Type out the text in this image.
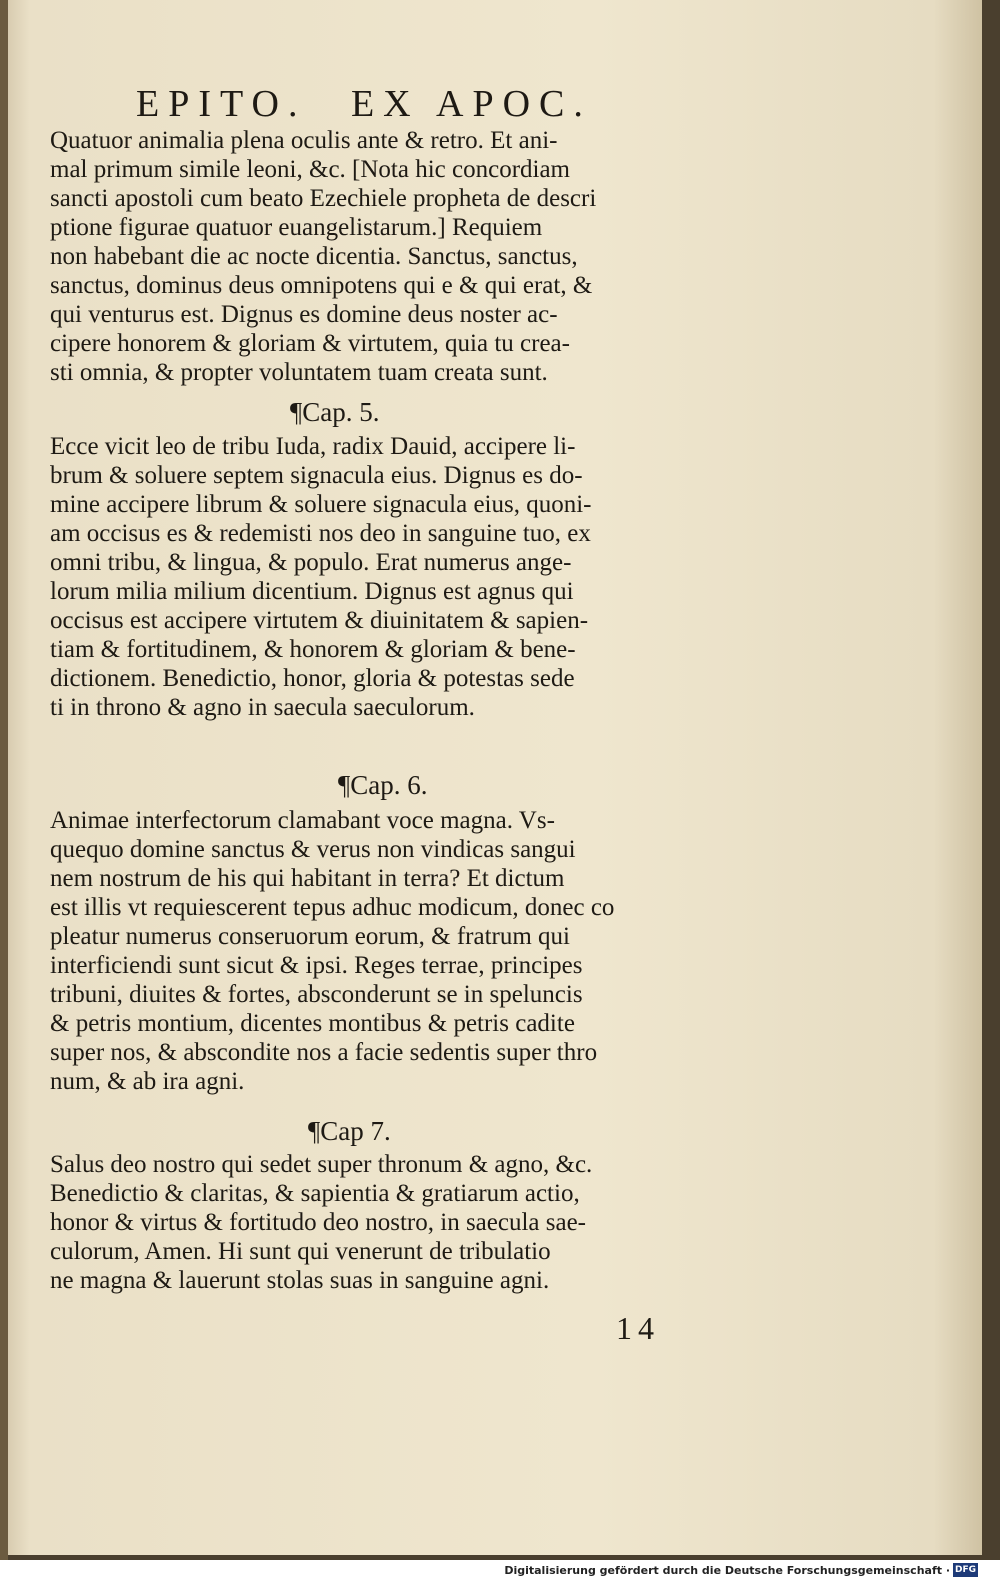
EPITO. EX APOC.
Quatuor animalia plena oculis ante & retro. Et ani-
mal primum simile leoni, &c. [Nota hic concordiam
sancti apostoli cum beato Ezechiele propheta de descri
ptione figurae quatuor euangelistarum.] Requiem
non habebant die ac nocte dicentia. Sanctus, sanctus,
sanctus, dominus deus omnipotens qui e & qui erat, &
qui venturus est. Dignus es domine deus noster ac-
cipere honorem & gloriam & virtutem, quia tu crea-
sti omnia, & propter voluntatem tuam creata sunt.
¶Cap. 5.
Ecce vicit leo de tribu Iuda, radix Dauid, accipere li-
brum & soluere septem signacula eius. Dignus es do-
mine accipere librum & soluere signacula eius, quoni-
am occisus es & redemisti nos deo in sanguine tuo, ex
omni tribu, & lingua, & populo. Erat numerus ange-
lorum milia milium dicentium. Dignus est agnus qui
occisus est accipere virtutem & diuinitatem & sapien-
tiam & fortitudinem, & honorem & gloriam & bene-
dictionem. Benedictio, honor, gloria & potestas sede
ti in throno & agno in saecula saeculorum.
¶Cap. 6.
Animae interfectorum clamabant voce magna. Vs-
quequo domine sanctus & verus non vindicas sangui
nem nostrum de his qui habitant in terra? Et dictum
est illis vt requiescerent tepus adhuc modicum, donec co
pleatur numerus conseruorum eorum, & fratrum qui
interficiendi sunt sicut & ipsi. Reges terrae, principes
tribuni, diuites & fortes, absconderunt se in speluncis
& petris montium, dicentes montibus & petris cadite
super nos, & abscondite nos a facie sedentis super thro
num, & ab ira agni.
¶Cap 7.
Salus deo nostro qui sedet super thronum & agno, &c.
Benedictio & claritas, & sapientia & gratiarum actio,
honor & virtus & fortitudo deo nostro, in saecula sae-
culorum, Amen. Hi sunt qui venerunt de tribulatio
ne magna & lauerunt stolas suas in sanguine agni.
14
Digitalisierung gefördert durch die Deutsche Forschungsgemeinschaft · DFG
